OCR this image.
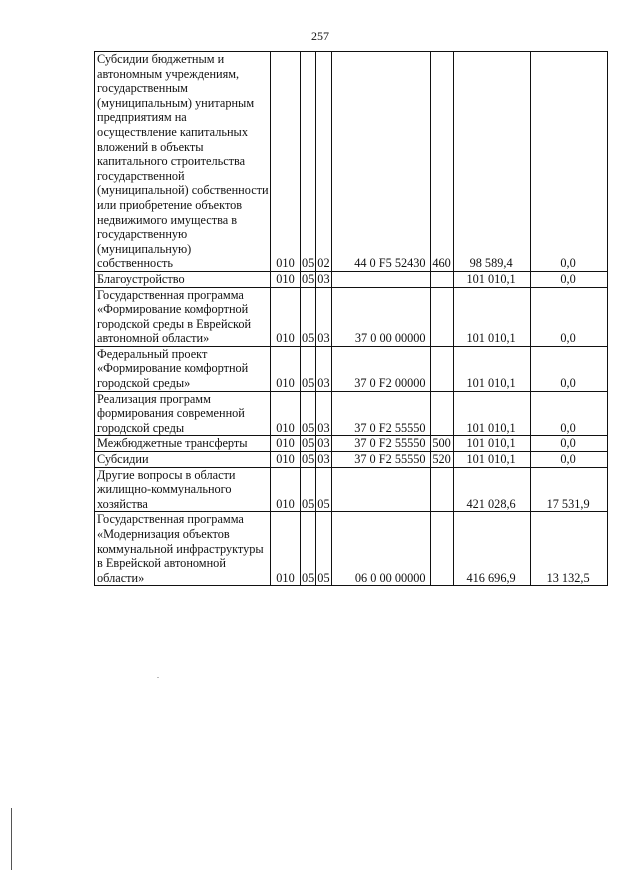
257
Субсидии бюджетным и автономным учреждениям, государственным (муниципальным) унитарным предприятиям на осуществление капитальных вложений в объекты капитального строительства государственной (муниципальной) собственности или приобретение объектов недвижимого имущества в государственную (муниципальную) собственность	010	05	02	44 0 F5 52430	460	98 589,4	0,0
Благоустройство	010	05	03			101 010,1	0,0
Государственная программа «Формирование комфортной городской среды в Еврейской автономной области»	010	05	03	37 0 00 00000		101 010,1	0,0
Федеральный проект «Формирование комфортной городской среды»	010	05	03	37 0 F2 00000		101 010,1	0,0
Реализация программ формирования современной городской среды	010	05	03	37 0 F2 55550		101 010,1	0,0
Межбюджетные трансферты	010	05	03	37 0 F2 55550	500	101 010,1	0,0
Субсидии	010	05	03	37 0 F2 55550	520	101 010,1	0,0
Другие вопросы в области жилищно-коммунального хозяйства	010	05	05			421 028,6	17 531,9
Государственная программа «Модернизация объектов коммунальной инфраструктуры в Еврейской автономной области»	010	05	05	06 0 00 00000		416 696,9	13 132,5
